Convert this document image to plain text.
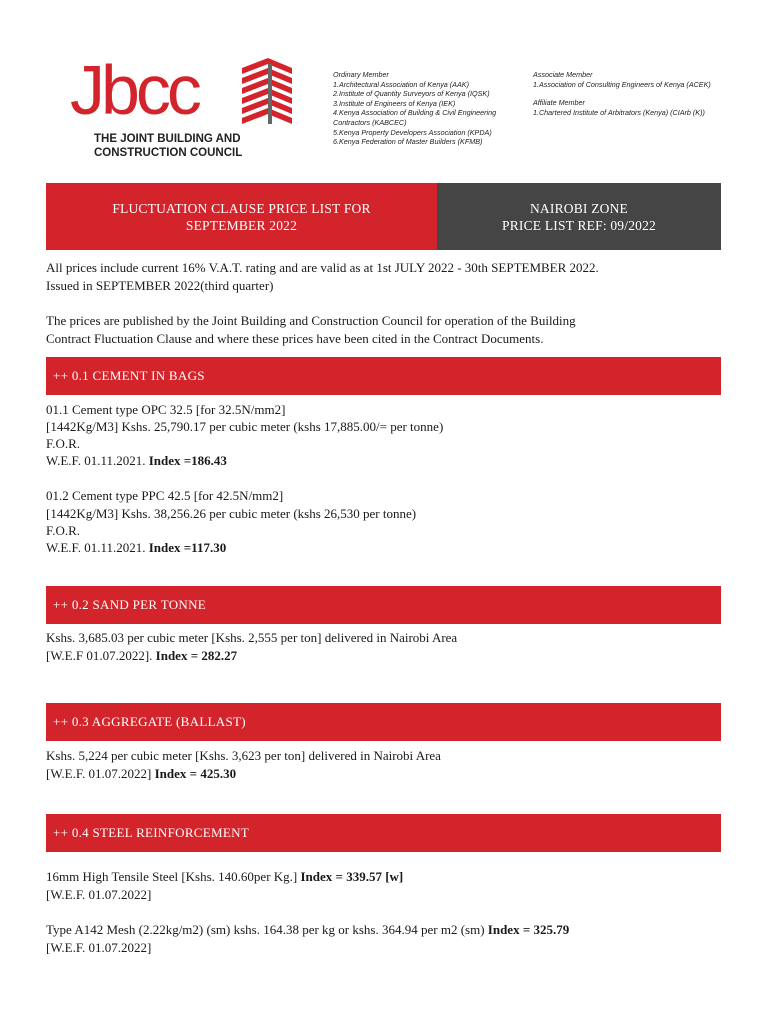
Jbcc
THE JOINT BUILDING AND
CONSTRUCTION COUNCIL
Ordinary Member
1.Architectural Association of Kenya (AAK)
2.Institute of Quantity Surveyors of Kenya (IQSK)
3.Institute of Engineers of Kenya (IEK)
4.Kenya Association of Building & Civil Engineering Contractors (KABCEC)
5.Kenya Property Developers Association (KPDA)
6.Kenya Federation of Master Builders (KFMB)
Associate Member
1.Association of Consulting Engineers of Kenya (ACEK)
Affiliate Member
1.Chartered Institute of Arbitrators (Kenya) (CIArb (K))
FLUCTUATION CLAUSE PRICE LIST FOR
SEPTEMBER 2022
NAIROBI ZONE
PRICE LIST REF: 09/2022
All prices include current 16% V.A.T. rating and are valid as at 1st JULY 2022 - 30th SEPTEMBER 2022.
Issued in SEPTEMBER 2022(third quarter)
The prices are published by the Joint Building and Construction Council for operation of the Building
Contract Fluctuation Clause and where these prices have been cited in the Contract Documents.
++ 0.1 CEMENT IN BAGS
01.1 Cement type OPC 32.5 [for 32.5N/mm2]
[1442Kg/M3] Kshs. 25,790.17 per cubic meter (kshs 17,885.00/= per tonne)
F.O.R.
W.E.F. 01.11.2021. Index =186.43
01.2 Cement type PPC 42.5 [for 42.5N/mm2]
[1442Kg/M3] Kshs. 38,256.26 per cubic meter (kshs 26,530 per tonne)
F.O.R.
W.E.F. 01.11.2021. Index =117.30
++ 0.2 SAND PER TONNE
Kshs. 3,685.03 per cubic meter [Kshs. 2,555 per ton] delivered in Nairobi Area
[W.E.F 01.07.2022]. Index = 282.27
++ 0.3 AGGREGATE (BALLAST)
Kshs. 5,224 per cubic meter [Kshs. 3,623 per ton] delivered in Nairobi Area
[W.E.F. 01.07.2022] Index = 425.30
++ 0.4 STEEL REINFORCEMENT
16mm High Tensile Steel [Kshs. 140.60per Kg.] Index = 339.57 [w]
[W.E.F. 01.07.2022]
Type A142 Mesh (2.22kg/m2) (sm) kshs. 164.38 per kg or kshs. 364.94 per m2 (sm) Index = 325.79
[W.E.F. 01.07.2022]
